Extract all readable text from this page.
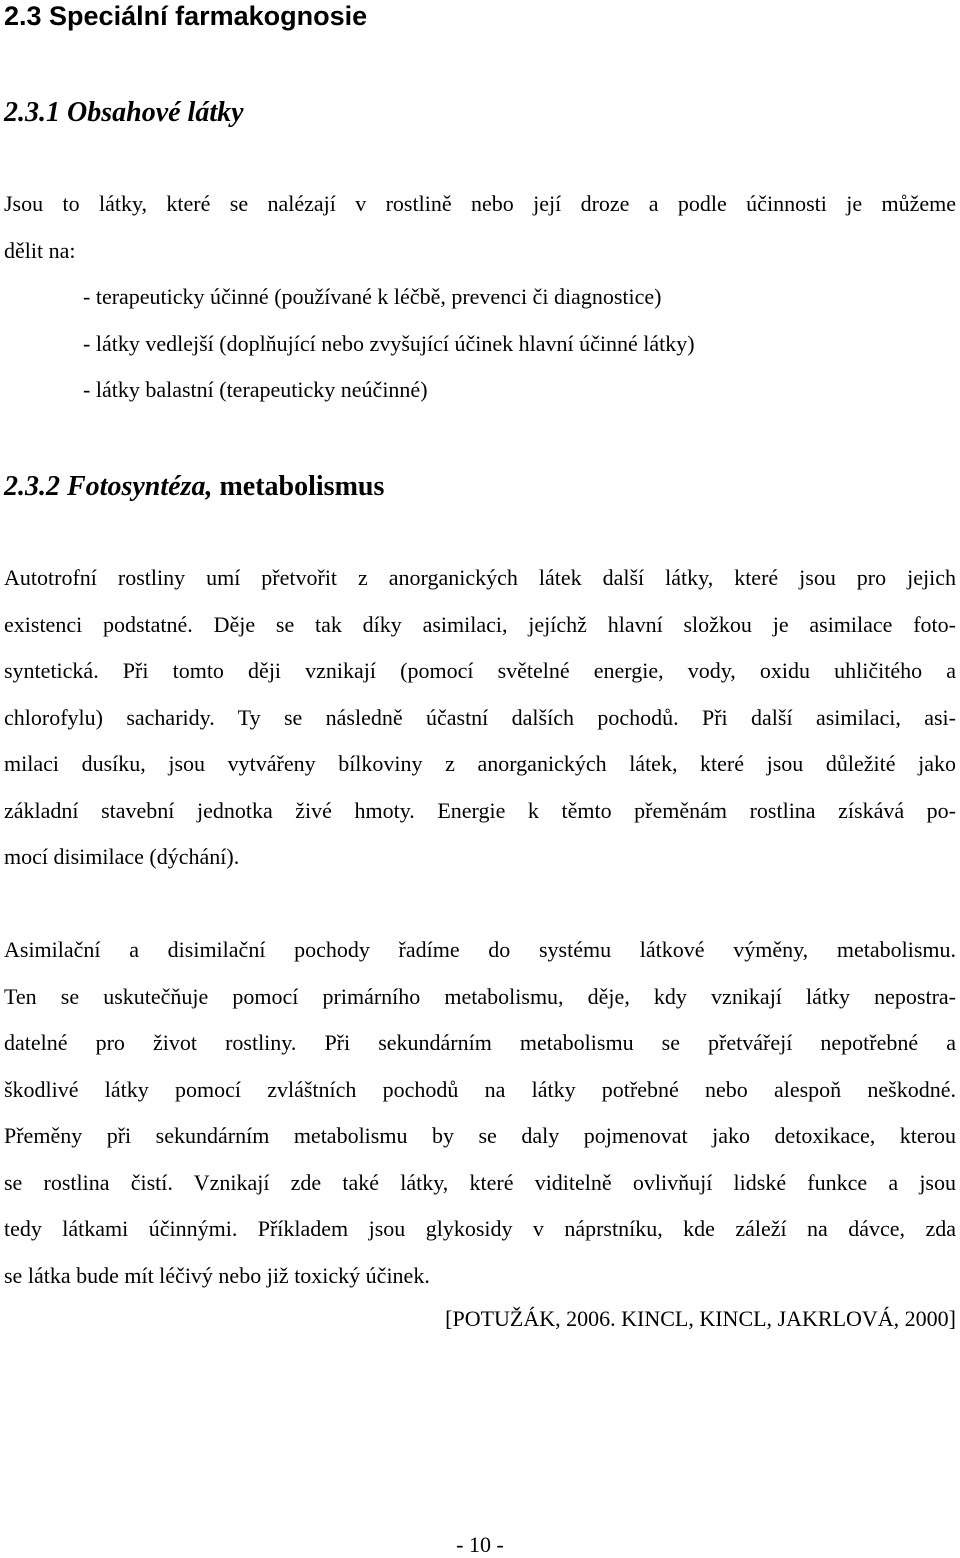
2.3 Speciální farmakognosie
2.3.1 Obsahové látky
Jsou to látky, které se nalézají v rostlině nebo její droze a podle účinnosti je můžeme
dělit na:
- terapeuticky účinné (používané k léčbě, prevenci či diagnostice)
- látky vedlejší (doplňující nebo zvyšující účinek hlavní účinné látky)
- látky balastní (terapeuticky neúčinné)
2.3.2 Fotosyntéza, metabolismus
Autotrofní rostliny umí přetvořit z anorganických látek další látky, které jsou pro jejich
existenci podstatné. Děje se tak díky asimilaci, jejíchž hlavní složkou je asimilace foto-
syntetická. Při tomto ději vznikají (pomocí světelné energie, vody, oxidu uhličitého a
chlorofylu) sacharidy. Ty se následně účastní dalších pochodů. Při další asimilaci, asi-
milaci dusíku, jsou vytvářeny bílkoviny z anorganických látek, které jsou důležité jako
základní stavební jednotka živé hmoty. Energie k těmto přeměnám rostlina získává po-
mocí disimilace (dýchání).
Asimilační a disimilační pochody řadíme do systému látkové výměny, metabolismu.
Ten se uskutečňuje pomocí primárního metabolismu, děje, kdy vznikají látky nepostra-
datelné pro život rostliny. Při sekundárním metabolismu se přetvářejí nepotřebné a
škodlivé látky pomocí zvláštních pochodů na látky potřebné nebo alespoň neškodné.
Přeměny při sekundárním metabolismu by se daly pojmenovat jako detoxikace, kterou
se rostlina čistí. Vznikají zde také látky, které viditelně ovlivňují lidské funkce a jsou
tedy látkami účinnými. Příkladem jsou glykosidy v náprstníku, kde záleží na dávce, zda
se látka bude mít léčivý nebo již toxický účinek.

[POTUŽÁK, 2006. KINCL, KINCL, JAKRLOVÁ, 2000]

- 10 -
